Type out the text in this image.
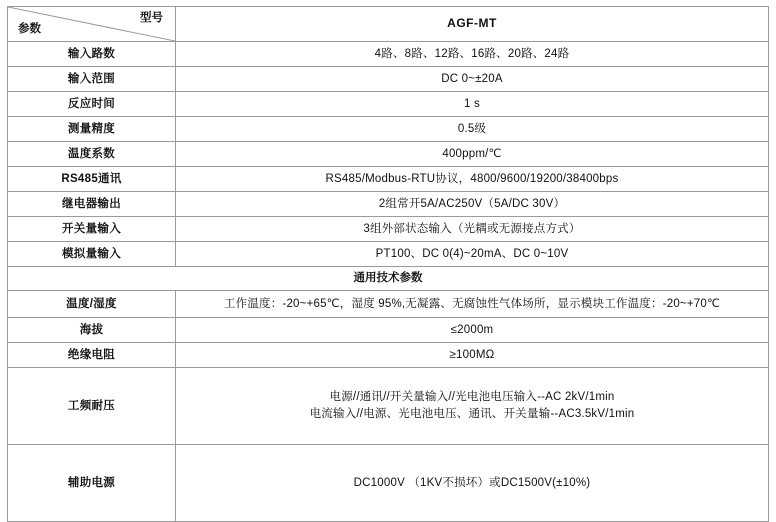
型号
参数	AGF-MT
输入路数	4路、8路、12路、16路、20路、24路
输入范围	DC 0~±20A
反应时间	1 s
测量精度	0.5级
温度系数	400ppm/℃
RS485通讯	RS485/Modbus-RTU协议，4800/9600/19200/38400bps
继电器输出	2组常开5A/AC250V（5A/DC 30V）
开关量输入	3组外部状态输入（光耦或无源接点方式）
模拟量输入	PT100、DC 0(4)~20mA、DC 0~10V
通用技术参数	
温度/湿度	工作温度：-20~+65℃，湿度 95%,无凝露、无腐蚀性气体场所，显示模块工作温度：-20~+70℃
海拔	≤2000m
绝缘电阻	≥100MΩ
工频耐压	电源//通讯//开关量输入//光电池电压输入--AC 2kV/1min
电流输入//电源、光电池电压、通讯、开关量输--AC3.5kV/1min

辅助电源	DC1000V （1KV不损坏）或DC1500V(±10%)
